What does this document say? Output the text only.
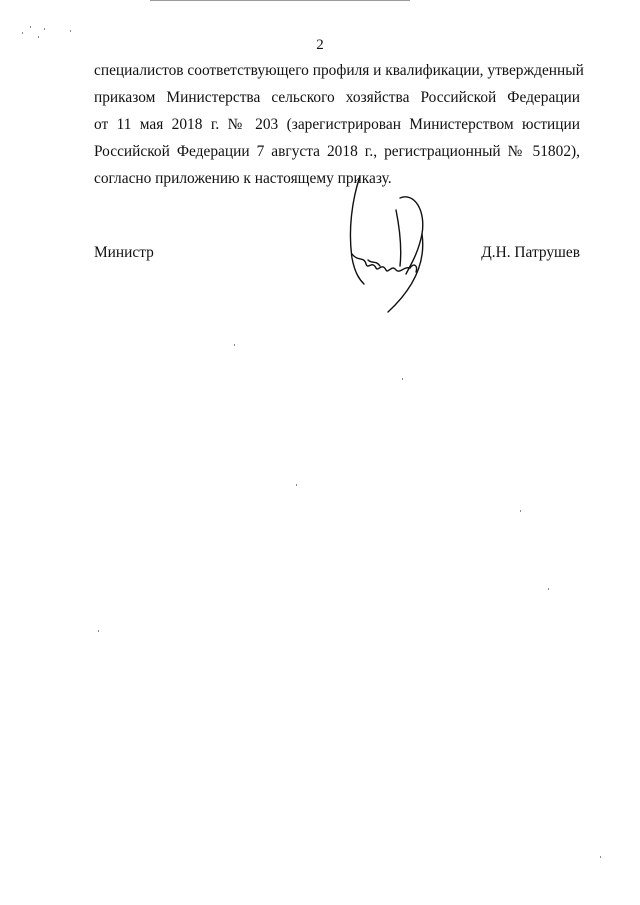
2
специалистов соответствующего профиля и квалификации, утвержденный
приказом Министерства сельского хозяйства Российской Федерации
от 11 мая 2018 г. № 203 (зарегистрирован Министерством юстиции
Российской Федерации 7 августа 2018 г., регистрационный № 51802),
согласно приложению к настоящему приказу.
Министр	Д.Н. Патрушев
